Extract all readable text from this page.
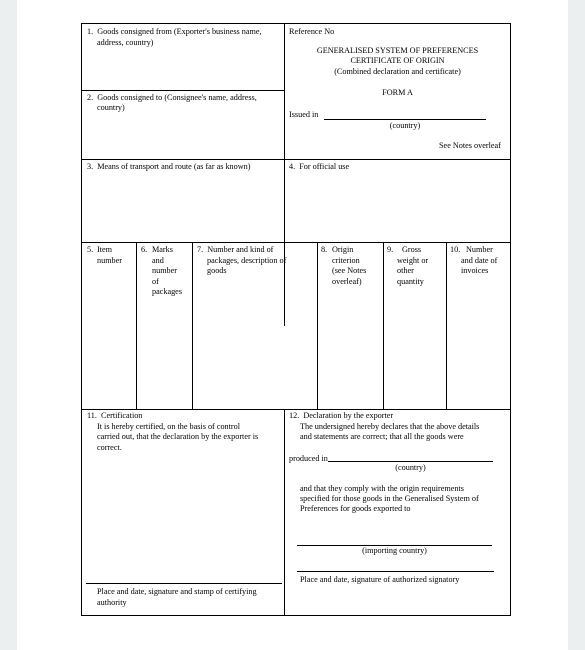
1.  Goods consigned from (Exporter's business name,
address, country)
Reference No
GENERALISED SYSTEM OF PREFERENCES
CERTIFICATE OF ORIGIN
(Combined declaration and certificate)
FORM A
Issued in
(country)
See Notes overleaf
2.  Goods consigned to (Consignee's name, address,
country)
3.  Means of transport and route (as far as known)	4.  For official use
5. Item
number
6. Marks
and
number
of
packages
7.  Number and kind of
packages, description of
goods
8. Origin
criterion
(see Notes
overleaf)
9. Gross
weight or
other
quantity
10. Number
and date of
invoices
11.  Certification
It is hereby certified, on the basis of control
carried out, that the declaration by the exporter is
correct.
Place and date, signature and stamp of certifying
authority
12.  Declaration by the exporter
The undersigned hereby declares that the above details
and statements are correct; that all the goods were
produced in
(country)
and that they comply with the origin requirements
specified for those goods in the Generalised System of
Preferences for goods exported to
(importing country)
Place and date, signature of authorized signatory
